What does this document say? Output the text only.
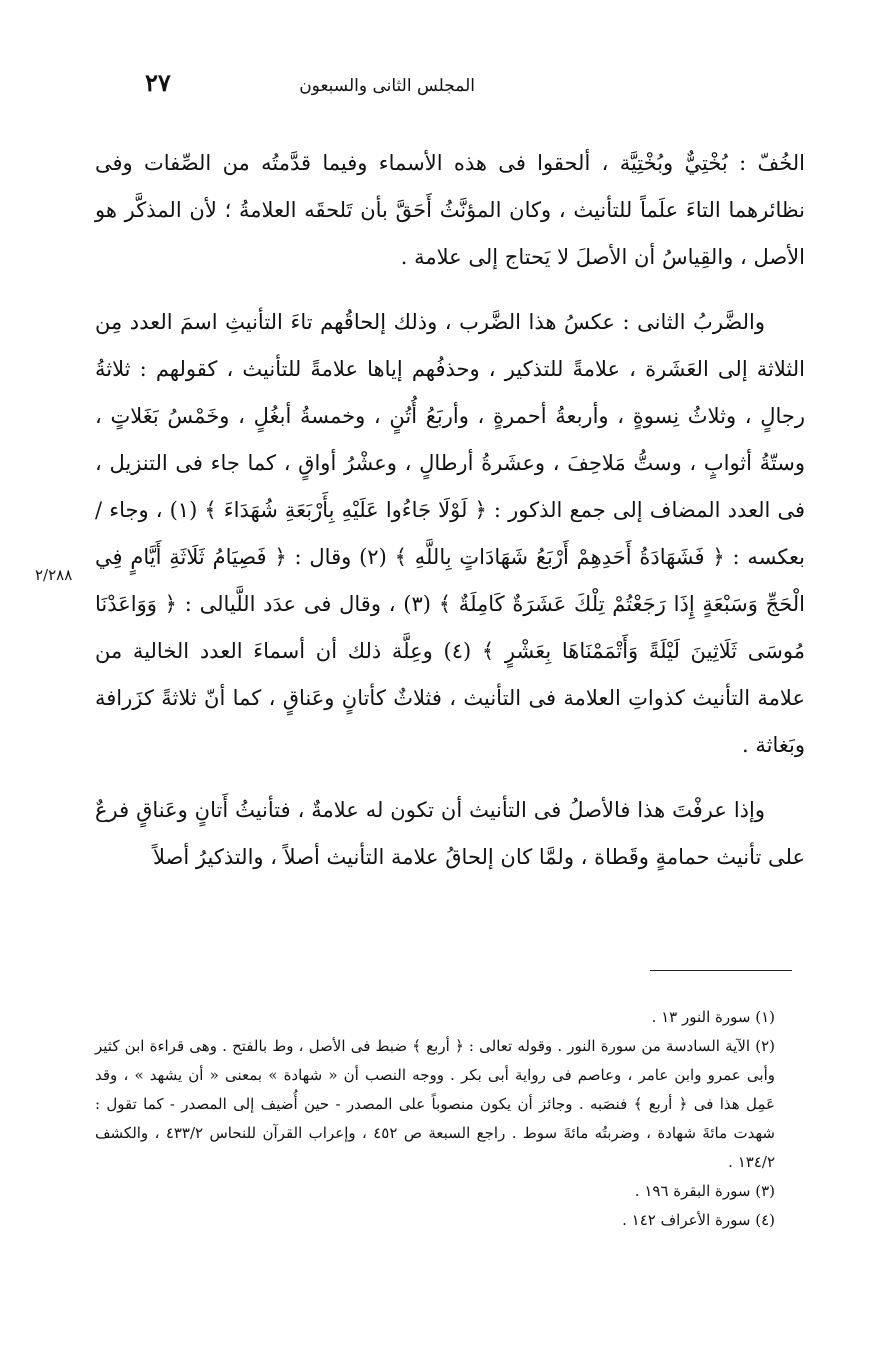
المجلس الثانى والسبعون
٢٧

الخُفّ : بُخْتِيٌّ وبُخْتِيَّة ، ألحقوا فى هذه الأسماء وفيما قدَّمتُه من الصِّفات وفى نظائرهما التاءَ علَماً للتأنيث ، وكان المؤنَّثُ أَحَقَّ بأن تَلحقَه العلامةُ ؛ لأن المذكَّر هو الأصل ، والقِياسُ أن الأصلَ لا يَحتاج إلى علامة .

والضَّربُ الثانى : عكسُ هذا الضَّرب ، وذلك إلحاقُهم تاءَ التأنيثِ اسمَ العدد مِن الثلاثة إلى العَشَرة ، علامةً للتذكير ، وحذفُهم إياها علامةً للتأنيث ، كقولهم : ثلاثةُ رجالٍ ، وثلاثُ نِسوةٍ ، وأربعةُ أحمرةٍ ، وأربَعُ أُتُنٍ ، وخمسةُ أبغُلٍ ، وخَمْسُ بَغَلاتٍ ، وستّةُ أثوابٍ ، وستُّ مَلاحِفَ ، وعشَرةُ أرطالٍ ، وعشْرُ أواقٍ ، كما جاء فى التنزيل ، فى العدد المضاف إلى جمع الذكور : ﴿ لَوْلَا جَاءُوا عَلَيْهِ بِأَرْبَعَةِ شُهَدَاءَ ﴾ (١) ، وجاء / بعكسه : ﴿ فَشَهَادَةُ أَحَدِهِمْ أَرْبَعُ شَهَادَاتٍ بِاللَّهِ ﴾ (٢) وقال : ﴿ فَصِيَامُ ثَلَاثَةِ أَيَّامٍ فِي الْحَجِّ وَسَبْعَةٍ إِذَا رَجَعْتُمْ تِلْكَ عَشَرَةٌ كَامِلَةٌ ﴾ (٣) ، وقال فى عدَد اللَّيالى : ﴿ وَوَاعَدْنَا مُوسَى ثَلَاثِينَ لَيْلَةً وَأَتْمَمْنَاهَا بِعَشْرٍ ﴾ (٤) وعِلَّة ذلك أن أسماءَ العدد الخالية من علامة التأنيث كذواتِ العلامة فى التأنيث ، فثلاثٌ كأتانٍ وعَناقٍ ، كما أنّ ثلاثةً كزَرافة وبَغاثة .

وإذا عرفْتَ هذا فالأصلُ فى التأنيث أن تكون له علامةٌ ، فتأنيثُ أَتانٍ وعَناقٍ فرعٌ على تأنيث حمامةٍ وقَطاة ، ولمَّا كان إلحاقُ علامة التأنيث أصلاً ، والتذكيرُ أصلاً

٢/٢٨٨

(١) سورة النور ١٣ .

(٢) الآية السادسة من سورة النور . وقوله تعالى : ﴿ أربع ﴾ ضبط فى الأصل ، وط بالفتح . وهى قراءة ابن كثير وأبى عمرو وابن عامر ، وعاصم فى رواية أبى بكر . ووجه النصب أن « شهادة » بمعنى « أن يشهد » ، وقد عَمِل هذا فى ﴿ أربع ﴾ فنصَبه . وجائز أن يكون منصوباً على المصدر - حين أُضيف إلى المصدر - كما تقول : شهدت مائةَ شهادة ، وضربتُه مائةَ سوط . راجع السبعة ص ٤٥٢ ، وإعراب القرآن للنحاس ٤٣٣/٢ ، والكشف ١٣٤/٢ .

(٣) سورة البقرة ١٩٦ .

(٤) سورة الأعراف ١٤٢ .
